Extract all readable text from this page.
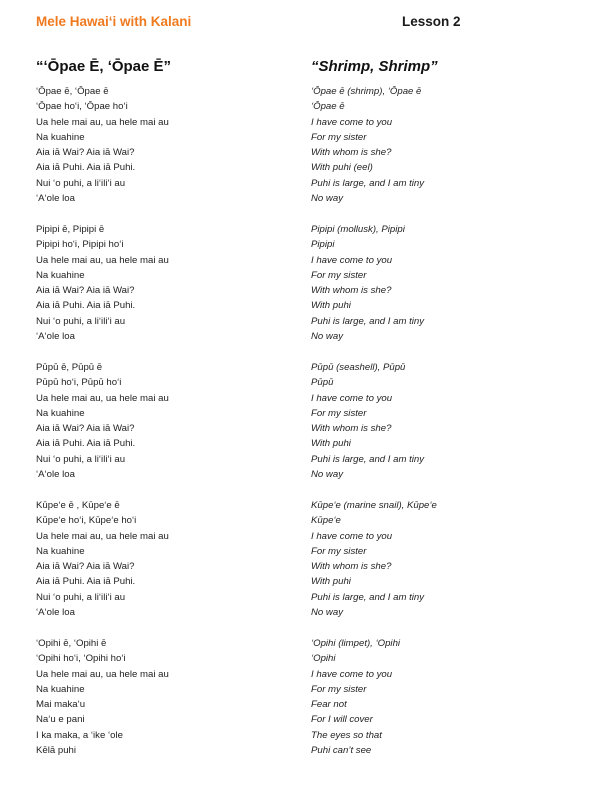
Mele Hawaiʻi with Kalani	Lesson 2
“ʻŌpae Ē, ʻŌpae Ē”	“Shrimp, Shrimp”
ʻŌpae ē, ʻŌpae ē
ʻŌpae hoʻi, ʻŌpae hoʻi
Ua hele mai au, ua hele mai au
Na kuahine
Aia iā Wai? Aia iā Wai?
Aia iā Puhi. Aia iā Puhi.
Nui ʻo puhi, a liʻiliʻi au
ʻAʻole loa
Pipipi ē, Pipipi ē
Pipipi hoʻi, Pipipi hoʻi
Ua hele mai au, ua hele mai au
Na kuahine
Aia iā Wai? Aia iā Wai?
Aia iā Puhi. Aia iā Puhi.
Nui ʻo puhi, a liʻiliʻi au
ʻAʻole loa
Pūpū ē, Pūpū ē
Pūpū hoʻi, Pūpū hoʻi
Ua hele mai au, ua hele mai au
Na kuahine
Aia iā Wai? Aia iā Wai?
Aia iā Puhi. Aia iā Puhi.
Nui ʻo puhi, a liʻiliʻi au
ʻAʻole loa
Kūpeʻe ē , Kūpeʻe ē
Kūpeʻe hoʻi, Kūpeʻe hoʻi
Ua hele mai au, ua hele mai au
Na kuahine
Aia iā Wai? Aia iā Wai?
Aia iā Puhi. Aia iā Puhi.
Nui ʻo puhi, a liʻiliʻi au
ʻAʻole loa
ʻOpihi ē, ʻOpihi ē
ʻOpihi hoʻi, ʻOpihi hoʻi
Ua hele mai au, ua hele mai au
Na kuahine
Mai makaʻu
Naʻu e pani
I ka maka, a ʻike ʻole
Kēlā puhi
ʻŌpae ē (shrimp), ʻŌpae ē
ʻŌpae ē
I have come to you
For my sister
With whom is she?
With puhi (eel)
Puhi is large, and I am tiny
No way
Pipipi (mollusk), Pipipi
Pipipi
I have come to you
For my sister
With whom is she?
With puhi
Puhi is large, and I am tiny
No way
Pūpū (seashell), Pūpū
Pūpū
I have come to you
For my sister
With whom is she?
With puhi
Puhi is large, and I am tiny
No way
Kūpeʻe (marine snail), Kūpeʻe
Kūpeʻe
I have come to you
For my sister
With whom is she?
With puhi
Puhi is large, and I am tiny
No way
ʻOpihi (limpet), ʻOpihi
ʻOpihi
I have come to you
For my sister
Fear not
For I will cover
The eyes so that
Puhi can’t see
